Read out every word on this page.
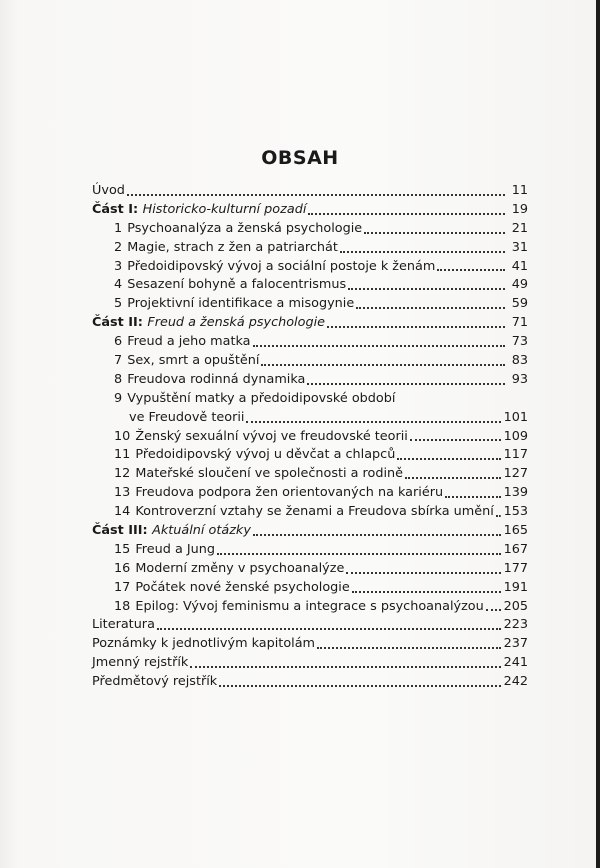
OBSAH
Úvod	11
Část I: Historicko-kulturní pozadí	19
1 Psychoanalýza a ženská psychologie	21
2 Magie, strach z žen a patriarchát	31
3 Předoidipovský vývoj a sociální postoje k ženám	41
4 Sesazení bohyně a falocentrismus	49
5 Projektivní identifikace a misogynie	59
Část II: Freud a ženská psychologie	71
6 Freud a jeho matka	73
7 Sex, smrt a opuštění	83
8 Freudova rodinná dynamika	93
9 Vypuštění matky a předoidipovské období
ve Freudově teorii	101
10 Ženský sexuální vývoj ve freudovské teorii	109
11 Předoidipovský vývoj u děvčat a chlapců	117
12 Mateřské sloučení ve společnosti a rodině	127
13 Freudova podpora žen orientovaných na kariéru	139
14 Kontroverzní vztahy se ženami a Freudova sbírka umění 153
Část III: Aktuální otázky	165
15 Freud a Jung	167
16 Moderní změny v psychoanalýze	177
17 Počátek nové ženské psychologie	191
18 Epilog: Vývoj feminismu a integrace s psychoanalýzou 205
Literatura	223
Poznámky k jednotlivým kapitolám	237
Jmenný rejstřík	241
Předmětový rejstřík	242
